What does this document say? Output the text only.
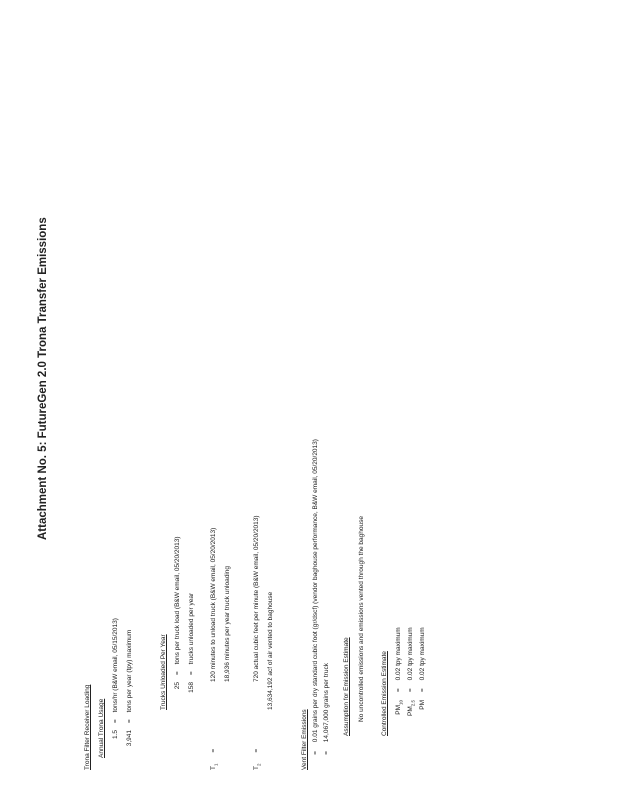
Attachment No. 5: FutureGen 2.0 Trona Transfer Emissions
Trona Filter Receiver Loading Annual Trona Usage 1.5 = tons/hr (B&W email, 05/15/2013)
3,941 = tons per year (tpy) maximum	Trucks Unloaded Per Year 25 = tons per truck load (B&W email, 05/20/2013)
158 = trucks unloaded per year
$T_1$ =
120 minutes to unload truck (B&W email, 05/20/2013) 18,936 minutes per year truck unloading
$T_2$ =
720 actual cubic feet per minute (B&W email, 05/20/2013) 13,634,192 acf of air vented to baghouse
Vent Filter Emissions = 0.01 grains per dry standard cubic foot (gr/dscf) (vendor baghouse performance, B&W email, 05/20/2013)
= 14,067,000 grains per truck Assumption for Emission Estimate No uncontrolled emissions and emissions vented through the baghouse Controlled Emission Estimate $PM_{10} = 0.02$ tpy maximum
$PM_{2.5} = 0.02$ tpy maximum
PM = 0.02 tpy maximum
